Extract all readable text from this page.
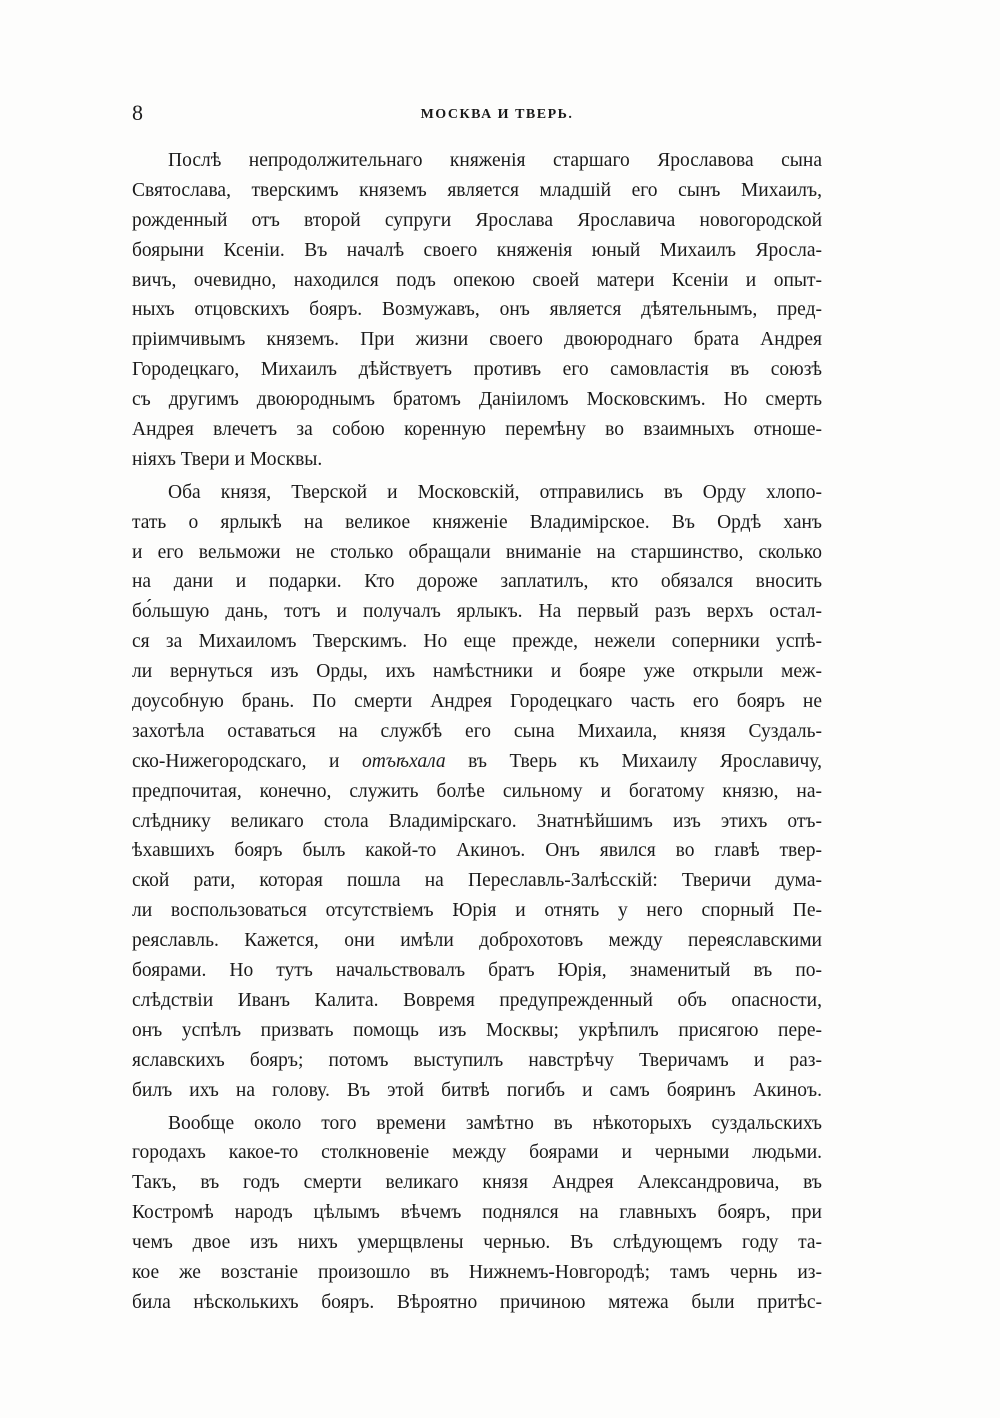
8	МОСКВА И ТВЕРЬ.
Послѣ непродолжительнаго княженія старшаго Ярославова сына
Святослава, тверскимъ княземъ является младшій его сынъ Михаилъ,
рожденный отъ второй супруги Ярослава Ярославича новогородской
боярыни Ксеніи. Въ началѣ своего княженія юный Михаилъ Яросла-
вичъ, очевидно, находился подъ опекою своей матери Ксеніи и опыт-
ныхъ отцовскихъ бояръ. Возмужавъ, онъ является дѣятельнымъ, пред-
пріимчивымъ княземъ. При жизни своего двоюроднаго брата Андрея
Городецкаго, Михаилъ дѣйствуетъ противъ его самовластія въ союзѣ
съ другимъ двоюроднымъ братомъ Даніиломъ Московскимъ. Но смерть
Андрея влечетъ за собою коренную перемѣну во взаимныхъ отноше-
ніяхъ Твери и Москвы.
Оба князя, Тверской и Московскій, отправились въ Орду хлопо-
тать о ярлыкѣ на великое княженіе Владимірское. Въ Ордѣ ханъ
и его вельможи не столько обращали вниманіе на старшинство, сколько
на дани и подарки. Кто дороже заплатилъ, кто обязался вносить
бо́льшую дань, тотъ и получалъ ярлыкъ. На первый разъ верхъ остал-
ся за Михаиломъ Тверскимъ. Но еще прежде, нежели соперники успѣ-
ли вернуться изъ Орды, ихъ намѣстники и бояре уже открыли меж-
доусобную брань. По смерти Андрея Городецкаго часть его бояръ не
захотѣла оставаться на службѣ его сына Михаила, князя Суздаль-
ско-Нижегородскаго, и отъѣхала въ Тверь къ Михаилу Ярославичу,
предпочитая, конечно, служить болѣе сильному и богатому князю, на-
слѣднику великаго стола Владимірскаго. Знатнѣйшимъ изъ этихъ отъ-
ѣхавшихъ бояръ былъ какой-то Акиноъ. Онъ явился во главѣ твер-
ской рати, которая пошла на Переславль-Залѣсскій: Тверичи дума-
ли воспользоваться отсутствіемъ Юрія и отнять у него спорный Пе-
реяславль. Кажется, они имѣли доброхотовъ между переяславскими
боярами. Но тутъ начальствовалъ братъ Юрія, знаменитый въ по-
слѣдствіи Иванъ Калита. Вовремя предупрежденный объ опасности,
онъ успѣлъ призвать помощь изъ Москвы; укрѣпилъ присягою пере-
яславскихъ бояръ; потомъ выступилъ навстрѣчу Тверичамъ и раз-
билъ ихъ на голову. Въ этой битвѣ погибъ и самъ бояринъ Акиноъ.
Вообще около того времени замѣтно въ нѣкоторыхъ суздальскихъ
городахъ какое-то столкновеніе между боярами и черными людьми.
Такъ, въ годъ смерти великаго князя Андрея Александровича, въ
Костромѣ народъ цѣлымъ вѣчемъ поднялся на главныхъ бояръ, при
чемъ двое изъ нихъ умерщвлены чернью. Въ слѣдующемъ году та-
кое же возстаніе произошло въ Нижнемъ-Новгородѣ; тамъ чернь из-
била нѣсколькихъ бояръ. Вѣроятно причиною мятежа были притѣс-
